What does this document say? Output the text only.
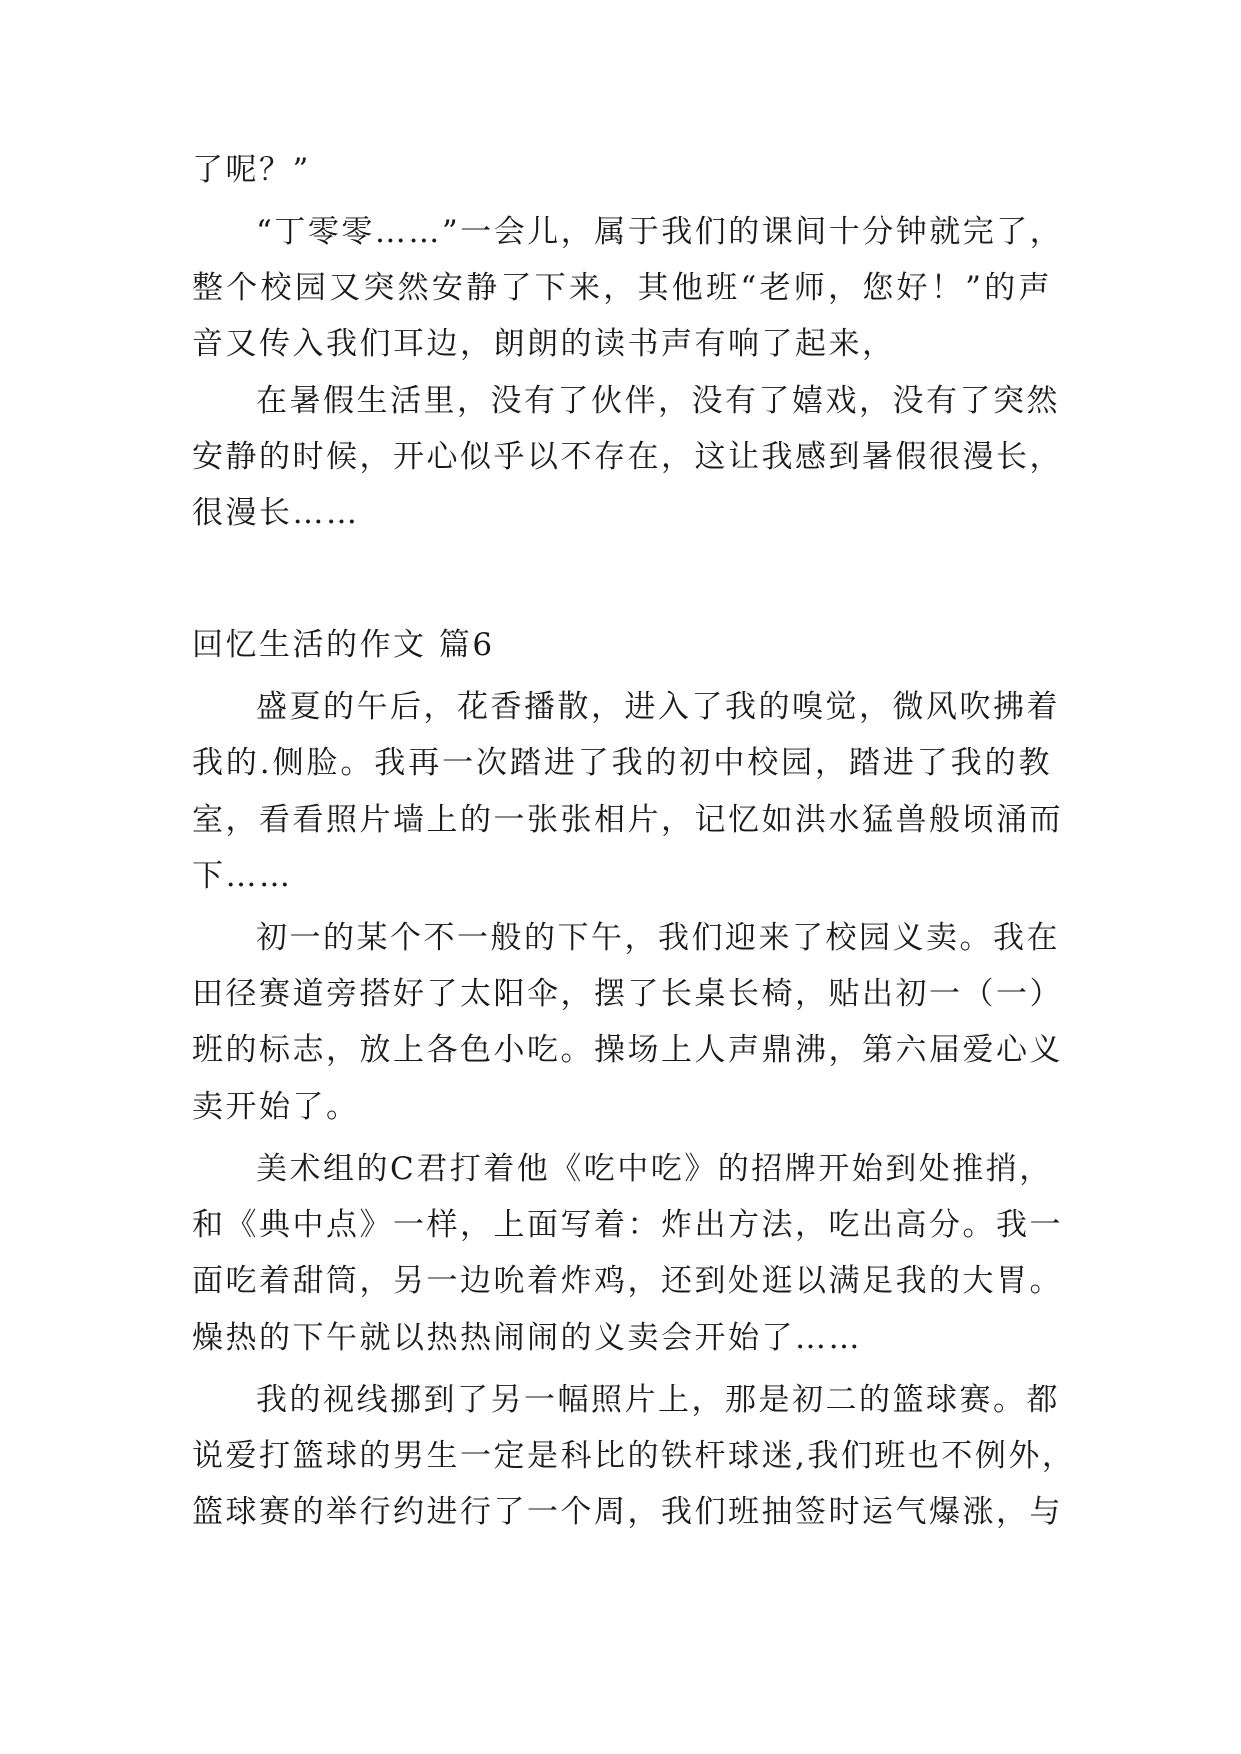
了呢？”
“丁零零……”一会儿，属于我们的课间十分钟就完了，
整个校园又突然安静了下来，其他班“老师，您好！”的声
音又传入我们耳边，朗朗的读书声有响了起来，
在暑假生活里，没有了伙伴，没有了嬉戏，没有了突然
安静的时候，开心似乎以不存在，这让我感到暑假很漫长，
很漫长……
回忆生活的作文 篇6
盛夏的午后，花香播散，进入了我的嗅觉，微风吹拂着
我的.侧脸。我再一次踏进了我的初中校园，踏进了我的教
室，看看照片墙上的一张张相片，记忆如洪水猛兽般顷涌而
下……
初一的某个不一般的下午，我们迎来了校园义卖。我在
田径赛道旁搭好了太阳伞，摆了长桌长椅，贴出初一（一）
班的标志，放上各色小吃。操场上人声鼎沸，第六届爱心义
卖开始了。
美术组的C君打着他《吃中吃》的招牌开始到处推捎，
和《典中点》一样，上面写着：炸出方法，吃出高分。我一
面吃着甜筒，另一边吮着炸鸡，还到处逛以满足我的大胃。
燥热的下午就以热热闹闹的义卖会开始了……
我的视线挪到了另一幅照片上，那是初二的篮球赛。都
说爱打篮球的男生一定是科比的铁杆球迷,我们班也不例外，
篮球赛的举行约进行了一个周，我们班抽签时运气爆涨，与
